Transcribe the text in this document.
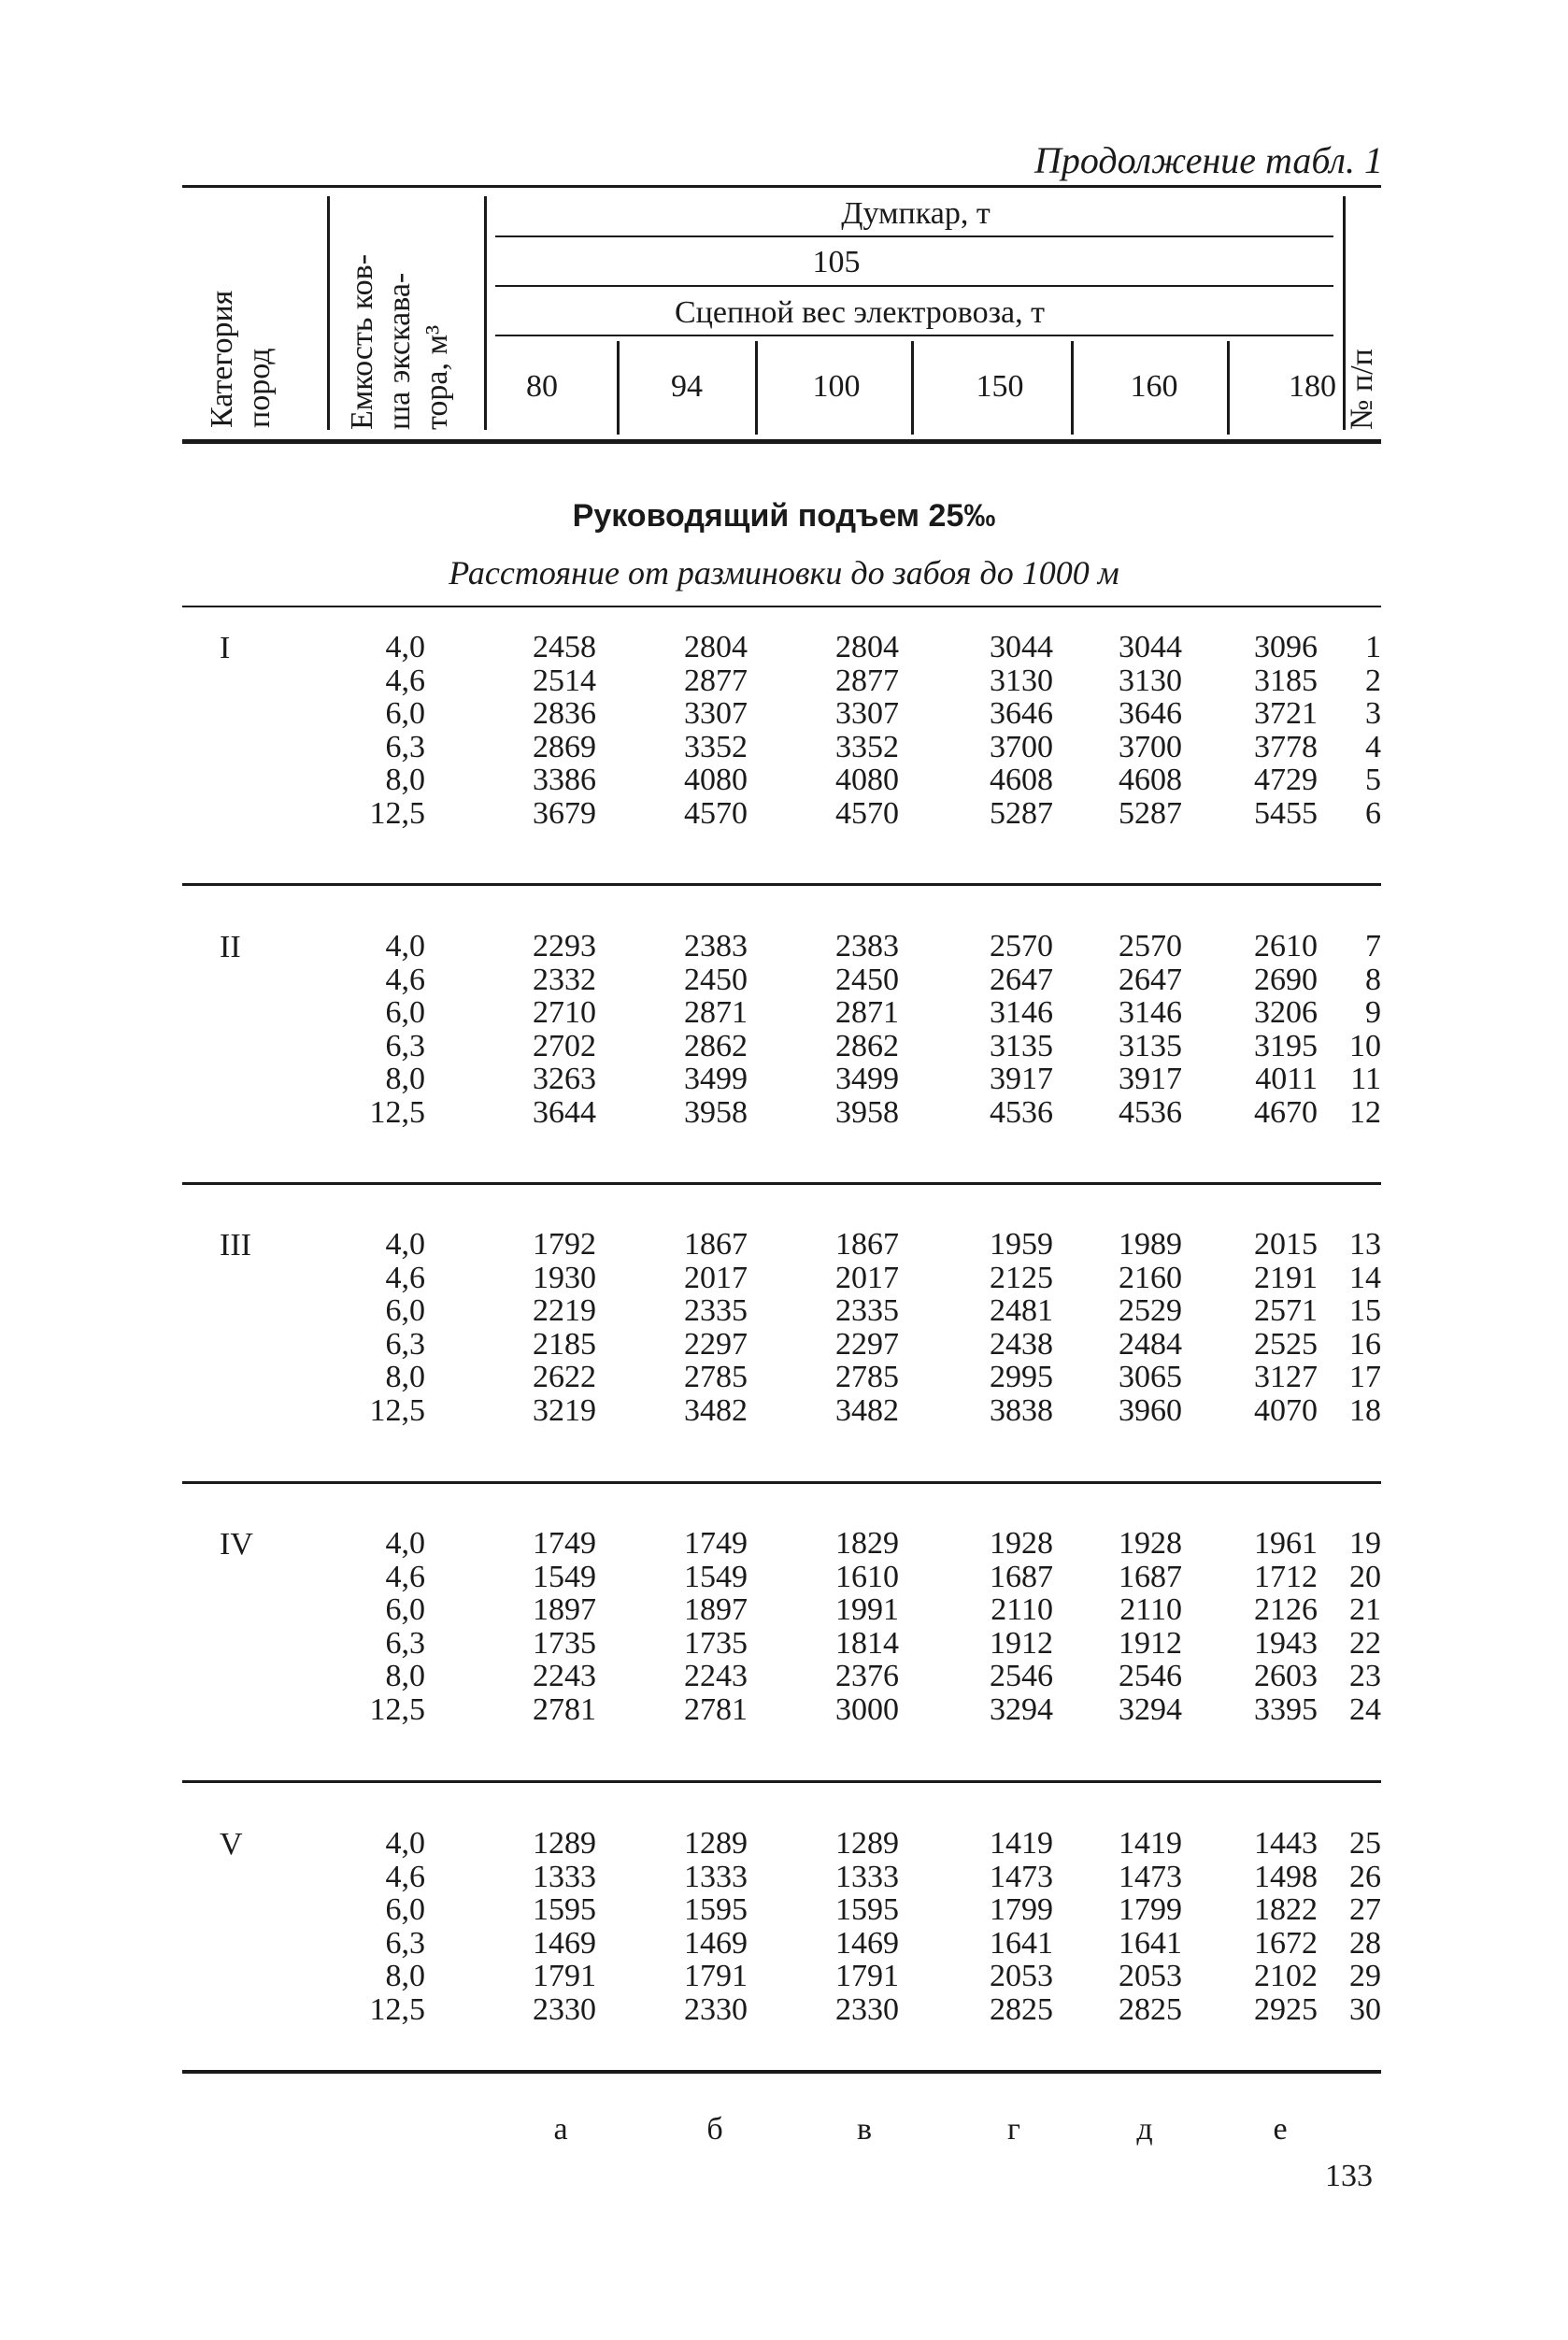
Продолжение табл. 1
Категория пород Емкость ков- ша экскава- тора, м³	№ п/п
Думпкар, т
105
Сцепной вес электровоза, т
80	94	100	150	160	180
Руководящий подъем 25‰
Расстояние от разминовки до забоя до 1000 м
I	4,0	2458	2804	2804	3044	3044	3096	1
4,6	2514	2877	2877	3130	3130	3185	2
6,0	2836	3307	3307	3646	3646	3721	3
6,3	2869	3352	3352	3700	3700	3778	4
8,0	3386	4080	4080	4608	4608	4729	5
12,5	3679	4570	4570	5287	5287	5455	6
II	4,0	2293	2383	2383	2570	2570	2610	7
4,6	2332	2450	2450	2647	2647	2690	8
6,0	2710	2871	2871	3146	3146	3206	9
6,3	2702	2862	2862	3135	3135	3195	10
8,0	3263	3499	3499	3917	3917	4011	11
12,5	3644	3958	3958	4536	4536	4670	12
III	4,0	1792	1867	1867	1959	1989	2015	13
4,6	1930	2017	2017	2125	2160	2191	14
6,0	2219	2335	2335	2481	2529	2571	15
6,3	2185	2297	2297	2438	2484	2525	16
8,0	2622	2785	2785	2995	3065	3127	17
12,5	3219	3482	3482	3838	3960	4070	18
IV	4,0	1749	1749	1829	1928	1928	1961	19
4,6	1549	1549	1610	1687	1687	1712	20
6,0	1897	1897	1991	2110	2110	2126	21
6,3	1735	1735	1814	1912	1912	1943	22
8,0	2243	2243	2376	2546	2546	2603	23
12,5	2781	2781	3000	3294	3294	3395	24
V	4,0	1289	1289	1289	1419	1419	1443	25
4,6	1333	1333	1333	1473	1473	1498	26
6,0	1595	1595	1595	1799	1799	1822	27
6,3	1469	1469	1469	1641	1641	1672	28
8,0	1791	1791	1791	2053	2053	2102	29
12,5	2330	2330	2330	2825	2825	2925	30
а	б	в	г	д	е
133
